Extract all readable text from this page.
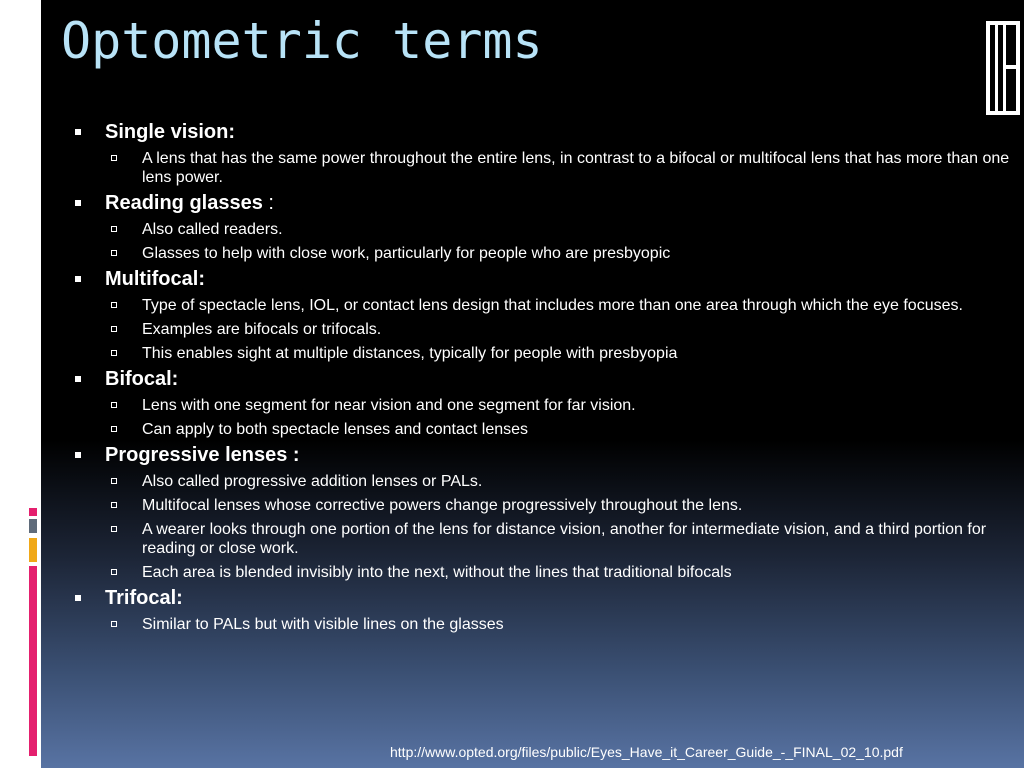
Optometric terms
Single vision:
A lens that has the same power throughout the entire lens, in contrast to a bifocal or multifocal lens that has more than one lens power.
Reading glasses :
Also called readers.
Glasses to help with close work, particularly for people who are presbyopic
Multifocal:
Type of spectacle lens, IOL, or contact lens design that includes more than one area through which the eye focuses.
Examples are bifocals or trifocals.
This enables sight at multiple distances, typically for people with presbyopia
Bifocal:
Lens with one segment for near vision and one segment for far vision.
Can apply to both spectacle lenses and contact lenses
Progressive lenses :
Also called progressive addition lenses or PALs.
Multifocal lenses whose corrective powers change progressively throughout the lens.
A wearer looks through one portion of the lens for distance vision, another for intermediate vision, and a third portion for reading or close work.
Each area is blended invisibly into the next, without the lines that traditional bifocals
Trifocal:
Similar to PALs but with visible lines on the glasses
http://www.opted.org/files/public/Eyes_Have_it_Career_Guide_-_FINAL_02_10.pdf
